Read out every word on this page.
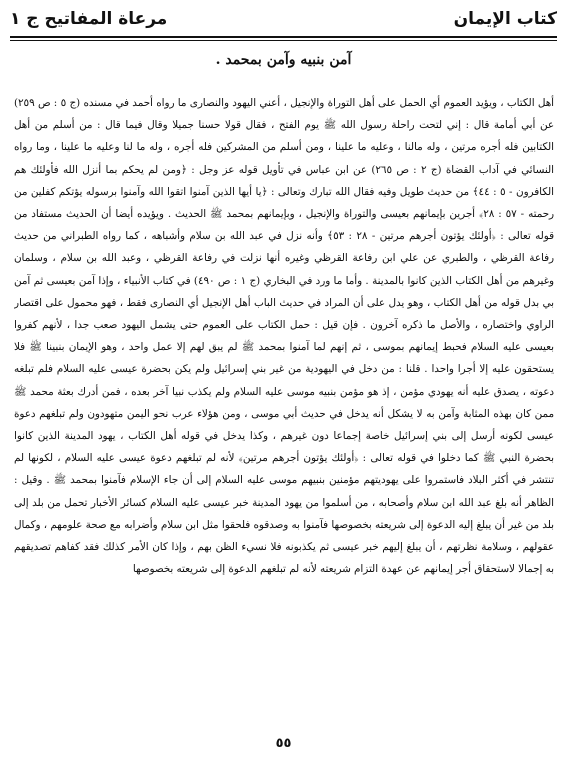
كتاب الإيمان
مرعاة المفاتيح ج ١
آمن بنبيه وآمن بمحمد .
أهل الكتاب ، ويؤيد العموم أي الحمل على أهل التوراة والإنجيل ، أعني اليهود والنصارى ما رواه أحمد في مسنده (ج ٥ : ص ٢٥٩) عن أبي أمامة قال : إني لتحت راحلة رسول الله ﷺ يوم الفتح ، فقال قولا حسنا جميلا وقال فيما قال : من أسلم من أهل الكتابين فله أجره مرتين ، وله مالنا ، وعليه ما علينا ، ومن أسلم من المشركين فله أجره ، وله ما لنا وعليه ما علينا ، وما رواه النسائي في آداب القضاة (ج ٢ : ص ٢٦٥) عن ابن عباس في تأويل قوله عز وجل : ﴿ومن لم يحكم بما أنزل الله فأولئك هم الكافرون - ٥ : ٤٤﴾ من حديث طويل وفيه فقال الله تبارك وتعالى : ﴿يا أيها الذين آمنوا اتقوا الله وآمنوا برسوله يؤتكم كفلين من رحمته - ٥٧ : ٢٨﴾ أجرين بإيمانهم بعيسى والتوراة والإنجيل ، وبإيمانهم بمحمد ﷺ الحديث . ويؤيده أيضا أن الحديث مستفاد من قوله تعالى : ﴿أولئك يؤتون أجرهم مرتين - ٢٨ : ٥٣﴾ وأنه نزل في عبد الله بن سلام وأشباهه ، كما رواه الطبراني من حديث رفاعة القرظي ، والطبري عن علي ابن رفاعة القرظي وغيره أنها نزلت في رفاعة القرظي ، وعبد الله بن سلام ، وسلمان وغيرهم من أهل الكتاب الذين كانوا بالمدينة . وأما ما ورد في البخاري (ج ١ : ص ٤٩٠) في كتاب الأنبياء ، وإذا آمن بعيسى ثم آمن بي بدل قوله من أهل الكتاب ، وهو يدل على أن المراد في حديث الباب أهل الإنجيل أي النصارى فقط ، فهو محمول على اقتصار الراوي واختصاره ، والأصل ما ذكره آخرون . فإن قيل : حمل الكتاب على العموم حتى يشمل اليهود صعب جدا ، لأنهم كفروا بعيسى عليه السلام فحبط إيمانهم بموسى ، ثم إنهم لما آمنوا بمحمد ﷺ لم يبق لهم إلا عمل واحد ، وهو الإيمان بنبينا ﷺ فلا يستحقون عليه إلا أجرا واحدا . قلنا : من دخل في اليهودية من غير بني إسرائيل ولم يكن بحضرة عيسى عليه السلام فلم تبلغه دعوته ، يصدق عليه أنه يهودي مؤمن ، إذ هو مؤمن بنبيه موسى عليه السلام ولم يكذب نبيا آخر بعده ، فمن أدرك بعثة محمد ﷺ ممن كان بهذه المثابة وآمن به لا يشكل أنه يدخل في حديث أبي موسى ، ومن هؤلاء عرب نحو اليمن متهودون ولم تبلغهم دعوة عيسى لكونه أرسل إلى بني إسرائيل خاصة إجماعا دون غيرهم ، وكذا يدخل في قوله أهل الكتاب ، يهود المدينة الذين كانوا بحضرة النبي ﷺ كما دخلوا في قوله تعالى : ﴿أولئك يؤتون أجرهم مرتين﴾ لأنه لم تبلغهم دعوة عيسى عليه السلام ، لكونها لم تنتشر في أكثر البلاد فاستمروا على يهوديتهم مؤمنين بنبيهم موسى عليه السلام إلى أن جاء الإسلام فآمنوا بمحمد ﷺ . وقيل : الظاهر أنه بلغ عبد الله ابن سلام وأصحابه ، من أسلموا من يهود المدينة خبر عيسى عليه السلام كسائر الأخبار تحمل من بلد إلى بلد من غير أن يبلغ إليه الدعوة إلى شريعته بخصوصها فآمنوا به وصدقوه فلحقوا مثل ابن سلام وأضرابه مع صحة علومهم ، وكمال عقولهم ، وسلامة نظرتهم ، أن يبلغ إليهم خبر عيسى ثم يكذبونه فلا نسيء الظن بهم ، وإذا كان الأمر كذلك فقد كفاهم تصديقهم به إجمالا لاستحقاق أجر إيمانهم عن عهدة التزام شريعته لأنه لم تبلغهم الدعوة إلى شريعته بخصوصها
٥٥
